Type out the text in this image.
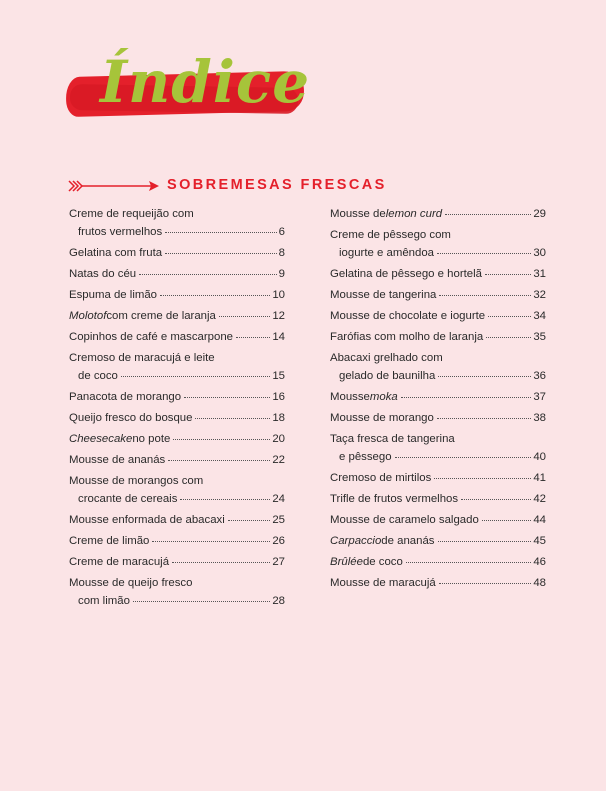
Índice
SOBREMESAS FRESCAS
Creme de requeijão com
frutos vermelhos	6
Gelatina com fruta	8
Natas do céu	9
Espuma de limão	10
Molotof com creme de laranja	12
Copinhos de café e mascarpone	14
Cremoso de maracujá e leite
de coco	15
Panacota de morango	16
Queijo fresco do bosque	18
Cheesecake no pote	20
Mousse de ananás	22
Mousse de morangos com
crocante de cereais	24
Mousse enformada de abacaxi	25
Creme de limão	26
Creme de maracujá	27
Mousse de queijo fresco
com limão	28
Mousse de lemon curd	29
Creme de pêssego com
iogurte e amêndoa	30
Gelatina de pêssego e hortelã	31
Mousse de tangerina	32
Mousse de chocolate e iogurte	34
Farófias com molho de laranja	35
Abacaxi grelhado com
gelado de baunilha	36
Mousse moka	37
Mousse de morango	38
Taça fresca de tangerina
e pêssego	40
Cremoso de mirtilos	41
Trifle de frutos vermelhos	42
Mousse de caramelo salgado	44
Carpaccio de ananás	45
Brûlée de coco	46
Mousse de maracujá	48
